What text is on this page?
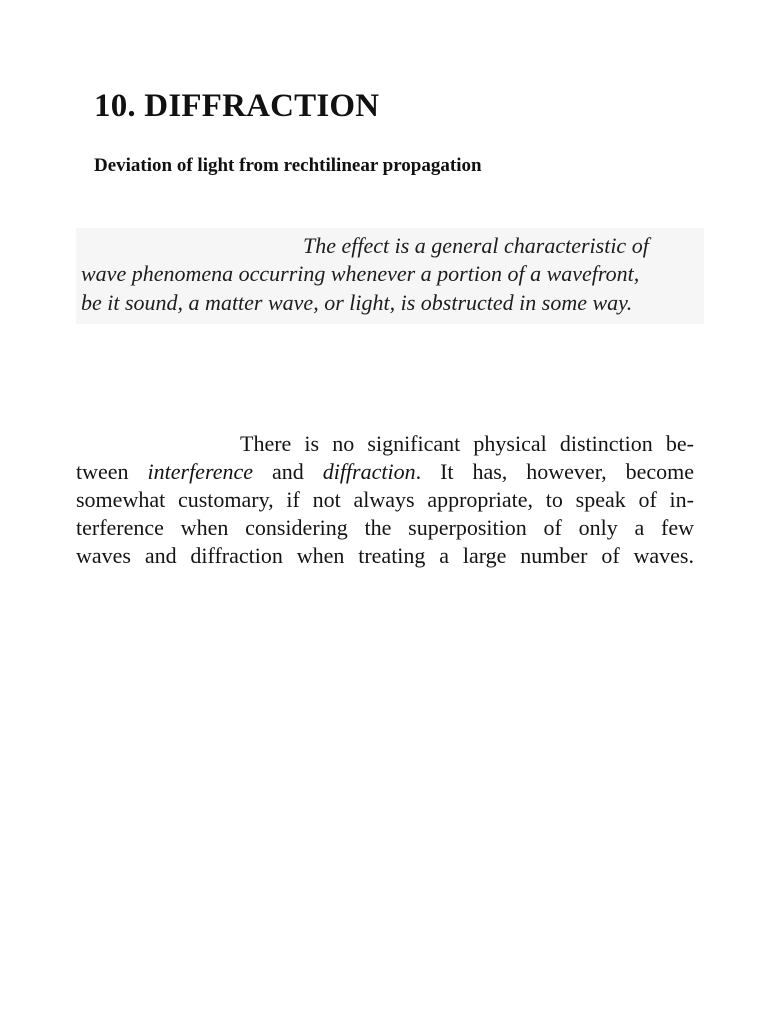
10. DIFFRACTION
Deviation of light from rechtilinear propagation

The effect is a general characteristic of

wave phenomena occurring whenever a portion of a wavefront,

be it sound, a matter wave, or light, is obstructed in some way.

There is no significant physical distinction be-

tween interference and diffraction. It has, however, become

somewhat customary, if not always appropriate, to speak of in-

terference when considering the superposition of only a few

waves and diffraction when treating a large number of waves.
